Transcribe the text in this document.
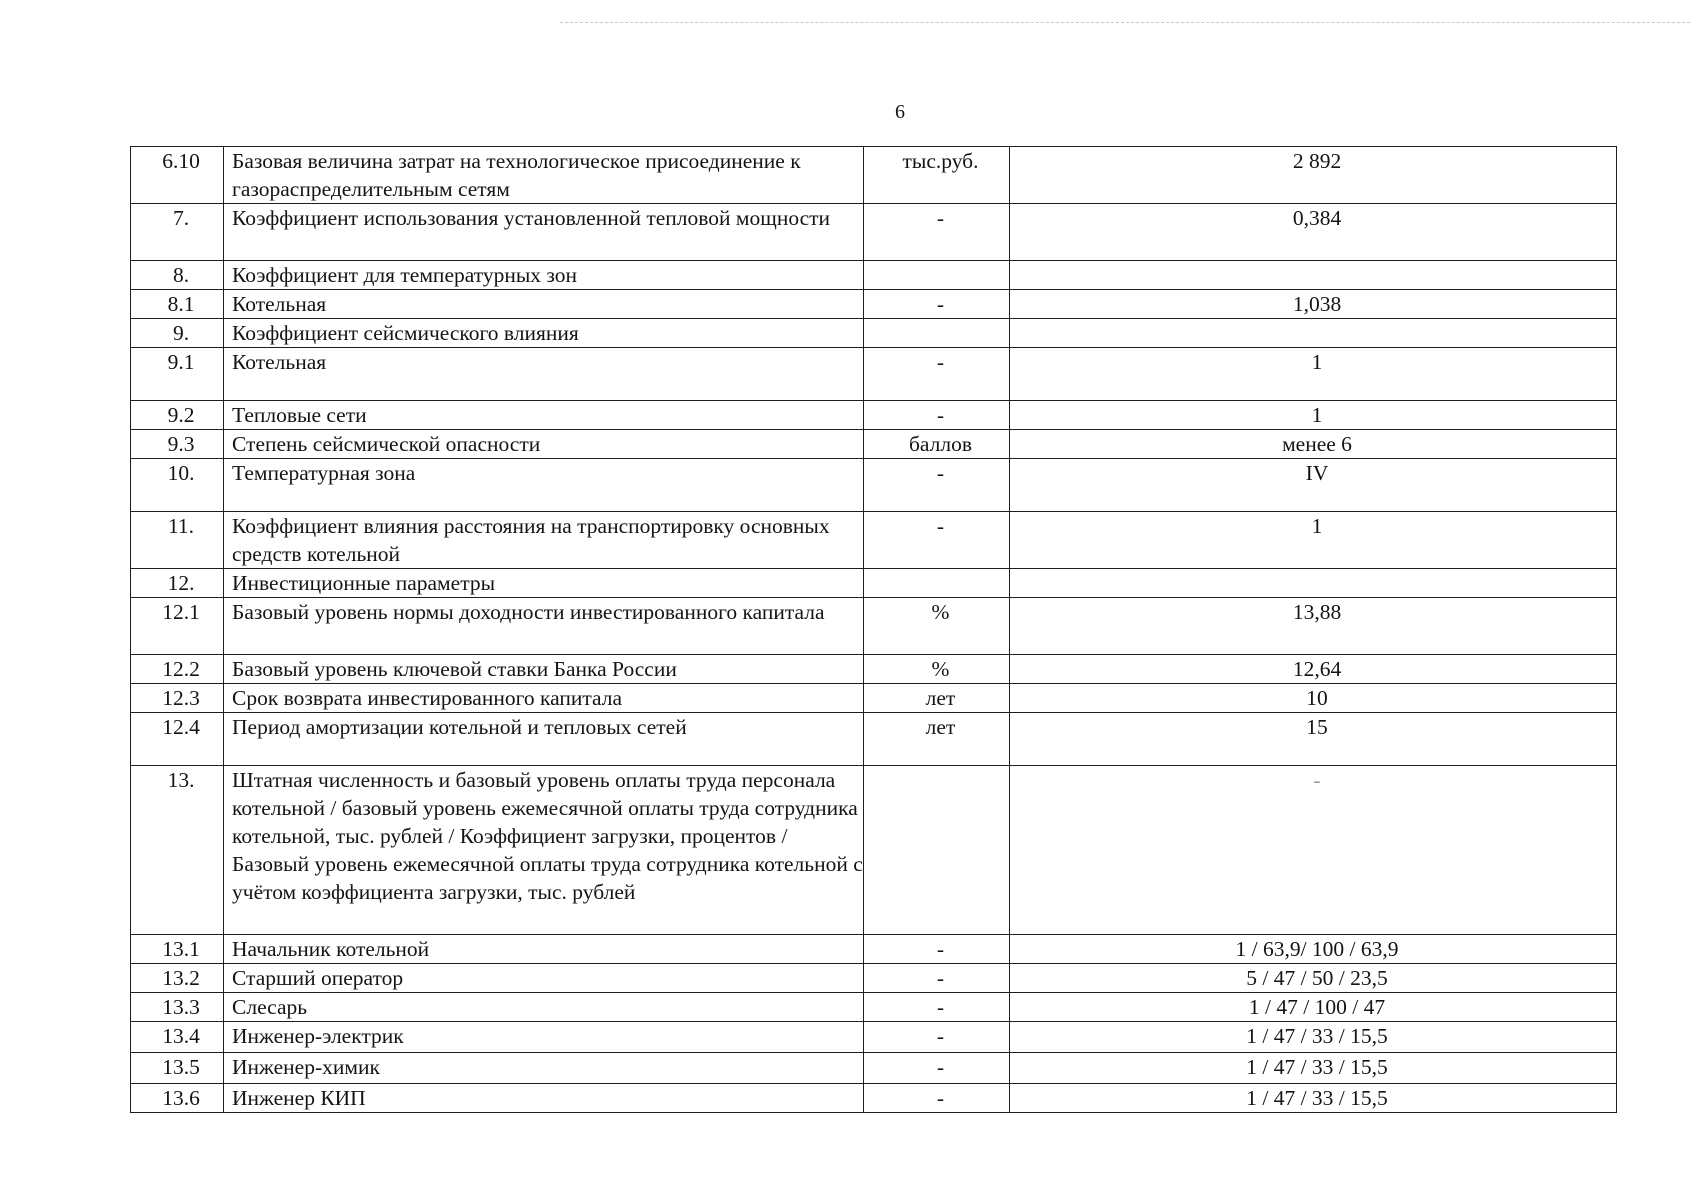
6
6.10	Базовая величина затрат на технологическое присоединение к газораспределительным сетям	тыс.руб.	2 892
7.	Коэффициент использования установленной тепловой мощности	-	0,384
8.	Коэффициент для температурных зон		
8.1	Котельная	-	1,038
9.	Коэффициент сейсмического влияния		
9.1	Котельная	-	1
9.2	Тепловые сети	-	1
9.3	Степень сейсмической опасности	баллов	менее 6
10.	Температурная зона	-	IV
11.	Коэффициент влияния расстояния на транспортировку основных средств котельной	-	1
12.	Инвестиционные параметры		
12.1	Базовый уровень нормы доходности инвестированного капитала	%	13,88
12.2	Базовый уровень ключевой ставки Банка России	%	12,64
12.3	Срок возврата инвестированного капитала	лет	10
12.4	Период амортизации котельной и тепловых сетей	лет	15
13.	Штатная численность и базовый уровень оплаты труда персонала котельной / базовый уровень ежемесячной оплаты труда сотрудника котельной, тыс. рублей / Коэффициент загрузки, процентов / Базовый уровень ежемесячной оплаты труда сотрудника котельной с учётом коэффициента загрузки, тыс. рублей		-
13.1	Начальник котельной	-	1 / 63,9/ 100 / 63,9
13.2	Старший оператор	-	5 / 47 / 50 / 23,5
13.3	Слесарь	-	1 / 47 / 100 / 47
13.4	Инженер-электрик	-	1 / 47 / 33 / 15,5
13.5	Инженер-химик	-	1 / 47 / 33 / 15,5
13.6	Инженер КИП	-	1 / 47 / 33 / 15,5
